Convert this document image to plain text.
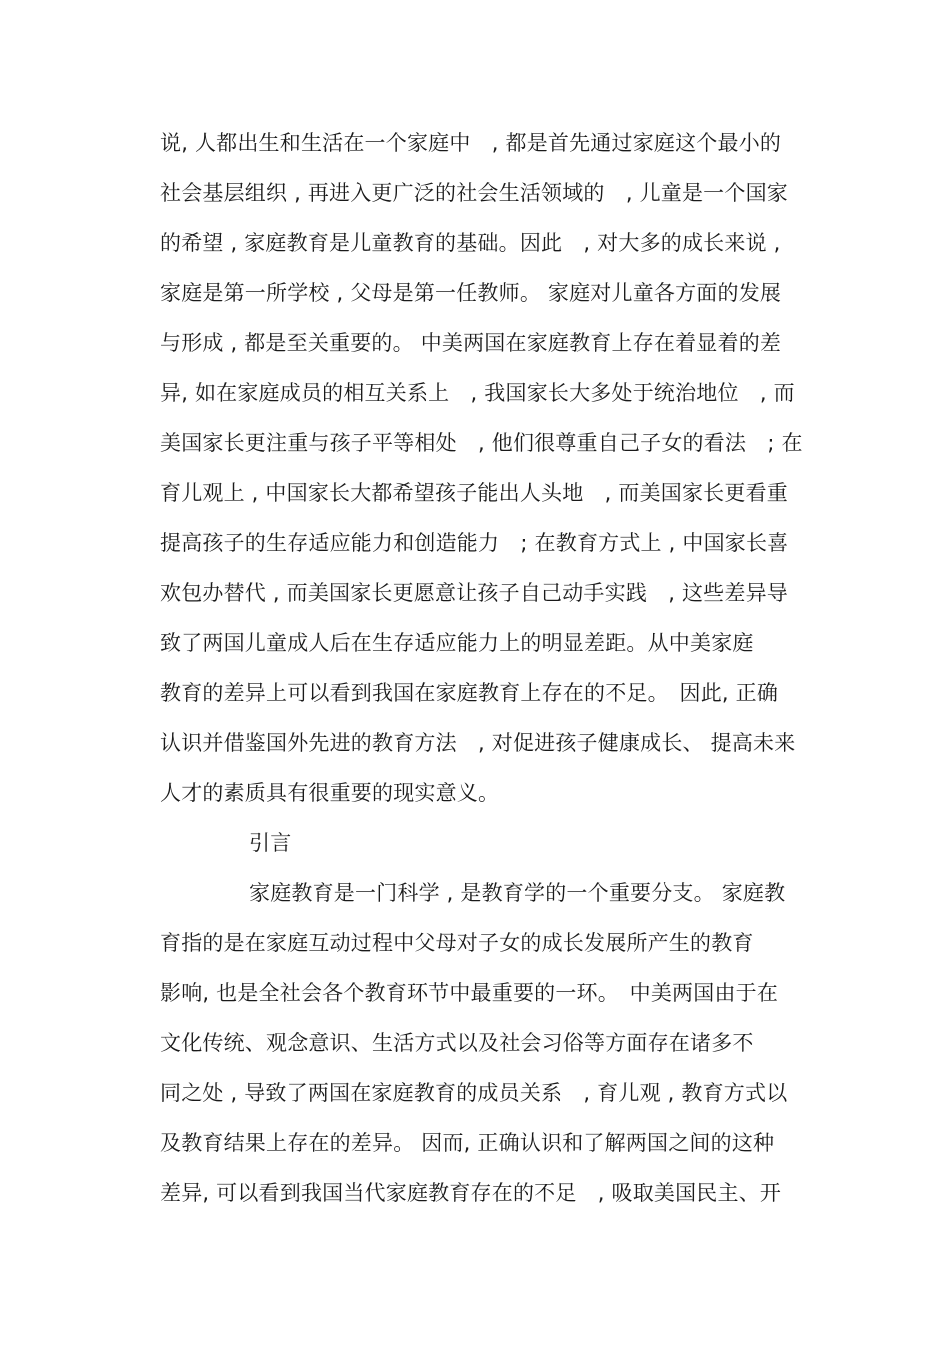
说, 人都出生和生活在一个家庭中　, 都是首先通过家庭这个最小的
社会基层组织 , 再进入更广泛的社会生活领域的　, 儿童是一个国家
的希望 , 家庭教育是儿童教育的基础。因此　, 对大多的成长来说 ,
家庭是第一所学校 , 父母是第一任教师。 家庭对儿童各方面的发展
与形成 , 都是至关重要的。 中美两国在家庭教育上存在着显着的差
异, 如在家庭成员的相互关系上　, 我国家长大多处于统治地位　, 而
美国家长更注重与孩子平等相处　, 他们很尊重自己子女的看法　; 在
育儿观上 , 中国家长大都希望孩子能出人头地　, 而美国家长更看重
提高孩子的生存适应能力和创造能力　; 在教育方式上 , 中国家长喜
欢包办替代 , 而美国家长更愿意让孩子自己动手实践　, 这些差异导
致了两国儿童成人后在生存适应能力上的明显差距。从中美家庭
教育的差异上可以看到我国在家庭教育上存在的不足。　因此, 正确
认识并借鉴国外先进的教育方法　, 对促进孩子健康成长、 提高未来
人才的素质具有很重要的现实意义。
引言
家庭教育是一门科学 , 是教育学的一个重要分支。 家庭教
育指的是在家庭互动过程中父母对子女的成长发展所产生的教育
影响, 也是全社会各个教育环节中最重要的一环。　中美两国由于在
文化传统、观念意识、生活方式以及社会习俗等方面存在诸多不
同之处 , 导致了两国在家庭教育的成员关系　, 育儿观 , 教育方式以
及教育结果上存在的差异。 因而, 正确认识和了解两国之间的这种
差异, 可以看到我国当代家庭教育存在的不足　, 吸取美国民主、开
